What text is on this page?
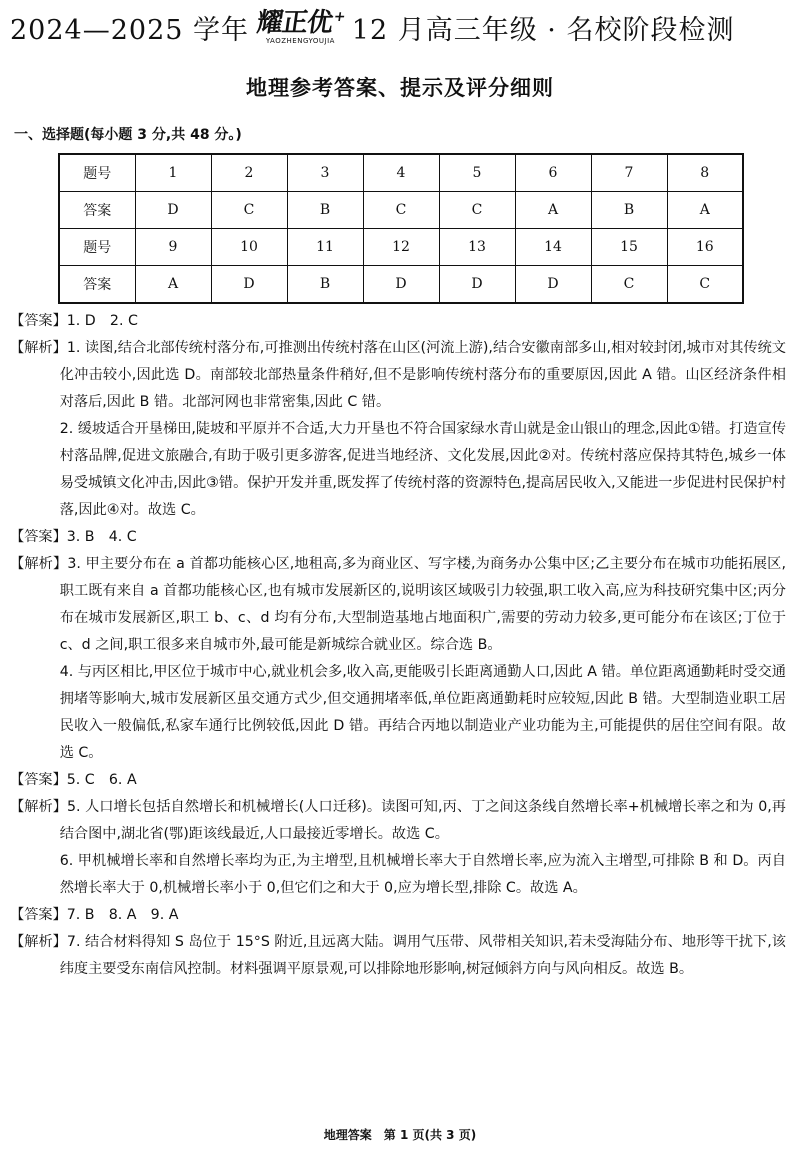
2024—2025 学年 耀正优+
YAOZHENGYOUJIA 12 月高三年级 · 名校阶段检测
地理参考答案、提示及评分细则
一、选择题(每小题 3 分,共 48 分。)
题号	1	2	3	4	5	6	7	8
答案	D	C	B	C	C	A	B	A
题号	9	10	11	12	13	14	15	16
答案	A	D	B	D	D	D	C	C

【答案】1. D　2. C

【解析】1. 读图,结合北部传统村落分布,可推测出传统村落在山区(河流上游),结合安徽南部多山,相对较封闭,城市对其传统文化冲击较小,因此选 D。南部较北部热量条件稍好,但不是影响传统村落分布的重要原因,因此 A 错。山区经济条件相对落后,因此 B 错。北部河网也非常密集,因此 C 错。

2. 缓坡适合开垦梯田,陡坡和平原并不合适,大力开垦也不符合国家绿水青山就是金山银山的理念,因此①错。打造宣传村落品牌,促进文旅融合,有助于吸引更多游客,促进当地经济、文化发展,因此②对。传统村落应保持其特色,城乡一体易受城镇文化冲击,因此③错。保护开发并重,既发挥了传统村落的资源特色,提高居民收入,又能进一步促进村民保护村落,因此④对。故选 C。

【答案】3. B　4. C

【解析】3. 甲主要分布在 a 首都功能核心区,地租高,多为商业区、写字楼,为商务办公集中区;乙主要分布在城市功能拓展区,职工既有来自 a 首都功能核心区,也有城市发展新区的,说明该区域吸引力较强,职工收入高,应为科技研究集中区;丙分布在城市发展新区,职工 b、c、d 均有分布,大型制造基地占地面积广,需要的劳动力较多,更可能分布在该区;丁位于 c、d 之间,职工很多来自城市外,最可能是新城综合就业区。综合选 B。

4. 与丙区相比,甲区位于城市中心,就业机会多,收入高,更能吸引长距离通勤人口,因此 A 错。单位距离通勤耗时受交通拥堵等影响大,城市发展新区虽交通方式少,但交通拥堵率低,单位距离通勤耗时应较短,因此 B 错。大型制造业职工居民收入一般偏低,私家车通行比例较低,因此 D 错。再结合丙地以制造业产业功能为主,可能提供的居住空间有限。故选 C。

【答案】5. C　6. A

【解析】5. 人口增长包括自然增长和机械增长(人口迁移)。读图可知,丙、丁之间这条线自然增长率+机械增长率之和为 0,再结合图中,湖北省(鄂)距该线最近,人口最接近零增长。故选 C。

6. 甲机械增长率和自然增长率均为正,为主增型,且机械增长率大于自然增长率,应为流入主增型,可排除 B 和 D。丙自然增长率大于 0,机械增长率小于 0,但它们之和大于 0,应为增长型,排除 C。故选 A。

【答案】7. B　8. A　9. A

【解析】7. 结合材料得知 S 岛位于 15°S 附近,且远离大陆。调用气压带、风带相关知识,若未受海陆分布、地形等干扰下,该纬度主要受东南信风控制。材料强调平原景观,可以排除地形影响,树冠倾斜方向与风向相反。故选 B。

地理答案　第 1 页(共 3 页)
